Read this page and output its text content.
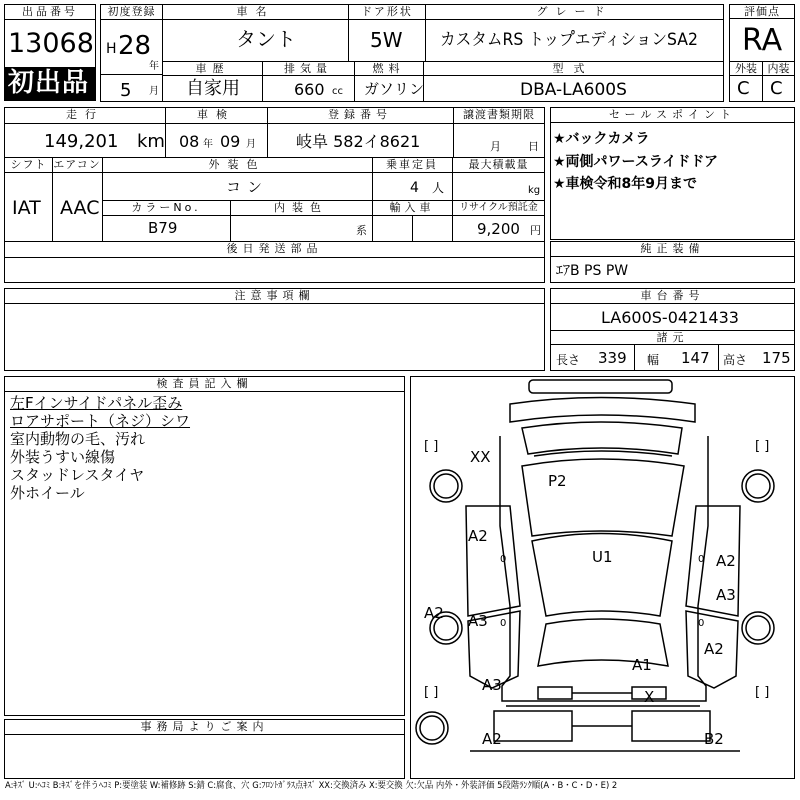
出品番号
13068
初出品
初度登録
H 28
年
5 月
車名
タント
ドア形状
5W
グレード
カスタムRS トップ゚エディションSA2
車歴
自家用
排気量
660 cc
燃料
ガソリン
型式
DBA-LA600S
評価点
RA
外装 内装
C C
走行
149,201 km
車検
08 年 09 月
登録番号
岐阜 582イ8621
譲渡書類期限
月 日
シフト
IAT
エアコン
AAC
外装色
コン
乗車定員
4 人
最大積載量
kg
カラーNo.
B79
内装色
系
輸入車	リサイクル預託金
9,200 円
後日発送部品
セールスポイント
★バックカメラ
★両側パワースライドドア
★車検令和8年9月まで
純正装備
ｴｱB PS PW
注意事項欄	車台番号
LA600S-0421433
諸元
長さ 339 幅 147 高さ 175
検査員記入欄
左Fインサイドパネル歪み
ロアサポート（ネジ）シワ
室内動物の毛、汚れ
外装うすい線傷
スタッドレスタイヤ
外ホイール
事務局よりご案内
[ ]	[ ]
[ ]	[ ]
XX
P2
A2
U1	A2
A3
A2 A3
A1
A2
A3
X
A2	B2
0	0
0	0
A:ｷｽﾞ U:ﾍｺﾐ B:ｷｽﾞを伴うﾍｺﾐ P:要塗装 W:補修跡 S:錆 C:腐食、穴 G:ﾌﾛﾝﾄｶﾞﾗｽ点ｷｽﾞ XX:交換済み X:要交換 欠:欠品 内外・外装評価 5段階ﾗﾝｸ順(A・B・C・D・E) 2
